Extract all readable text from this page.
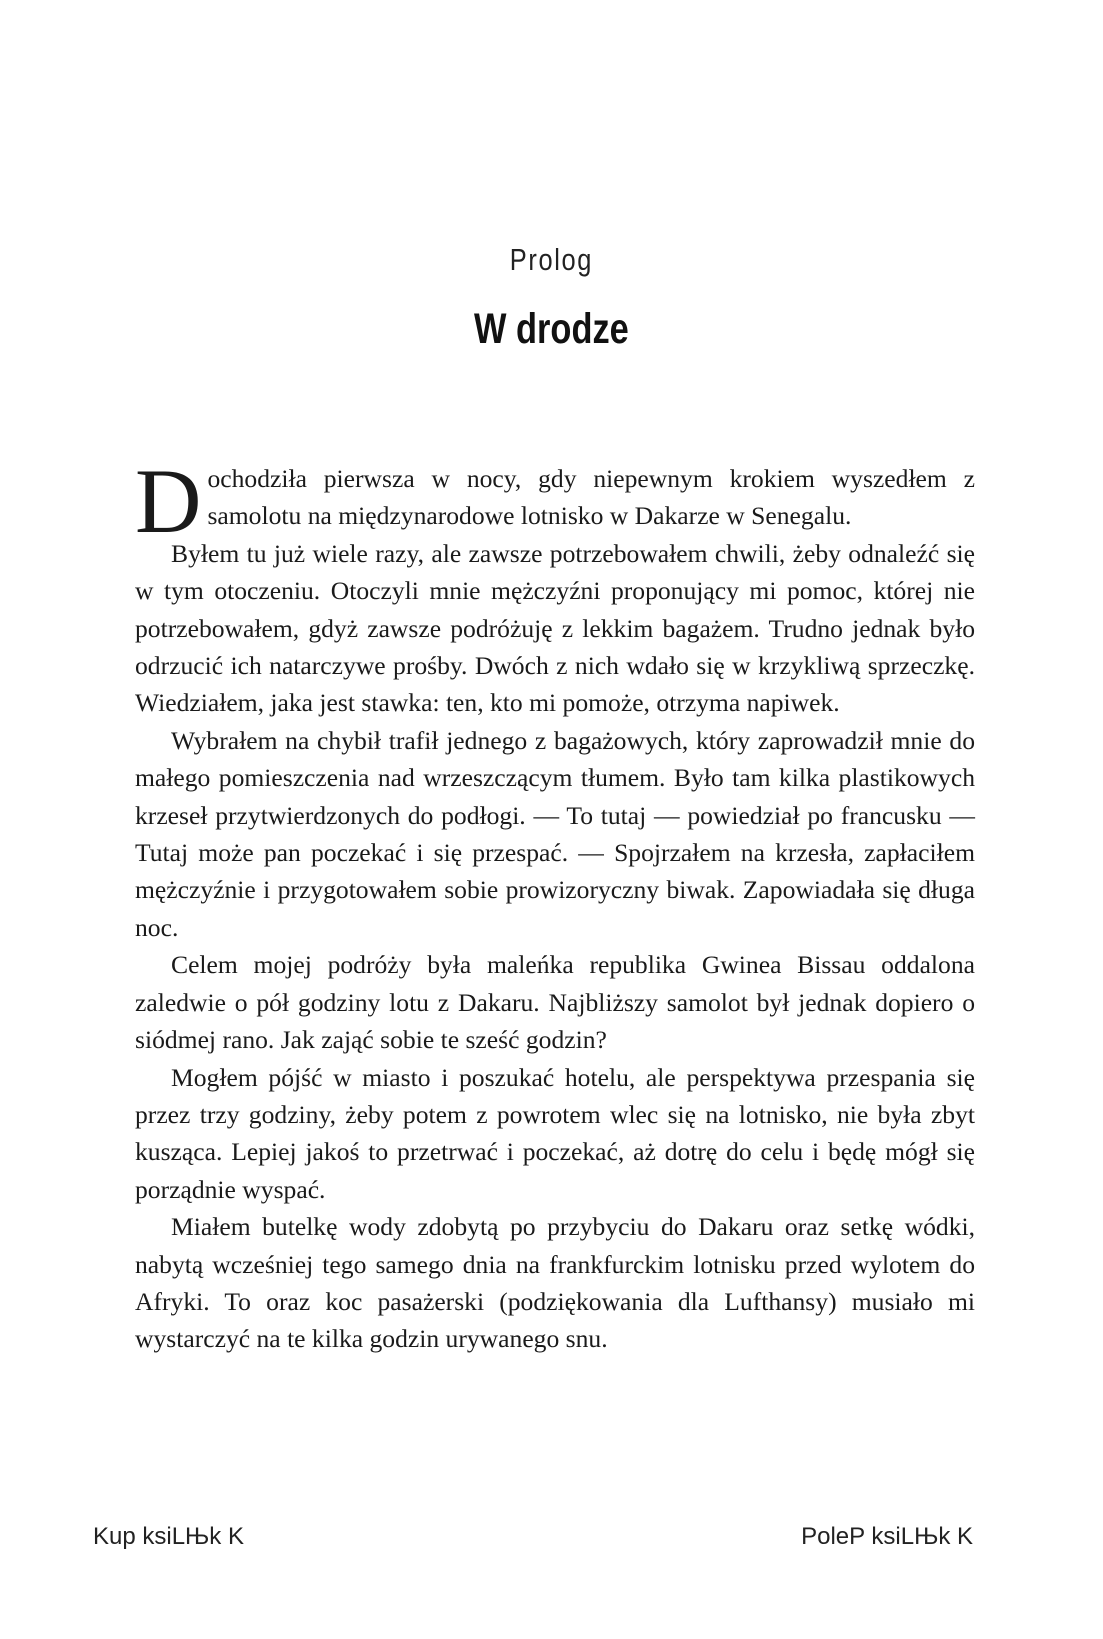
Prolog
W drodze

Dochodziła pierwsza w nocy, gdy niepewnym krokiem wyszedłem z samolotu na międzynarodowe lotnisko w Dakarze w Senegalu.

Byłem tu już wiele razy, ale zawsze potrzebowałem chwili, żeby odnaleźć się w tym otoczeniu. Otoczyli mnie mężczyźni proponujący mi pomoc, której nie potrzebowałem, gdyż zawsze podróżuję z lekkim bagażem. Trudno jednak było odrzucić ich natarczywe prośby. Dwóch z nich wdało się w krzykliwą sprzeczkę. Wiedziałem, jaka jest stawka: ten, kto mi pomoże, otrzyma napiwek.

Wybrałem na chybił trafił jednego z bagażowych, który zaprowadził mnie do małego pomieszczenia nad wrzeszczącym tłumem. Było tam kilka plastikowych krzeseł przytwierdzonych do podłogi. — To tutaj — powiedział po francusku — Tutaj może pan poczekać i się przespać. — Spojrzałem na krzesła, zapłaciłem mężczyźnie i przygotowałem sobie prowizoryczny biwak. Zapowiadała się długa noc.

Celem mojej podróży była maleńka republika Gwinea Bissau oddalona zaledwie o pół godziny lotu z Dakaru. Najbliższy samolot był jednak dopiero o siódmej rano. Jak zająć sobie te sześć godzin?

Mogłem pójść w miasto i poszukać hotelu, ale perspektywa przespania się przez trzy godziny, żeby potem z powrotem wlec się na lotnisko, nie była zbyt kusząca. Lepiej jakoś to przetrwać i poczekać, aż dotrę do celu i będę mógł się porządnie wyspać.

Miałem butelkę wody zdobytą po przybyciu do Dakaru oraz setkę wódki, nabytą wcześniej tego samego dnia na frankfurckim lotnisku przed wylotem do Afryki. To oraz koc pasażerski (podziękowania dla Lufthansy) musiało mi wystarczyć na te kilka godzin urywanego snu.

Kup ksiLЊk K	PoleP ksiLЊk K
